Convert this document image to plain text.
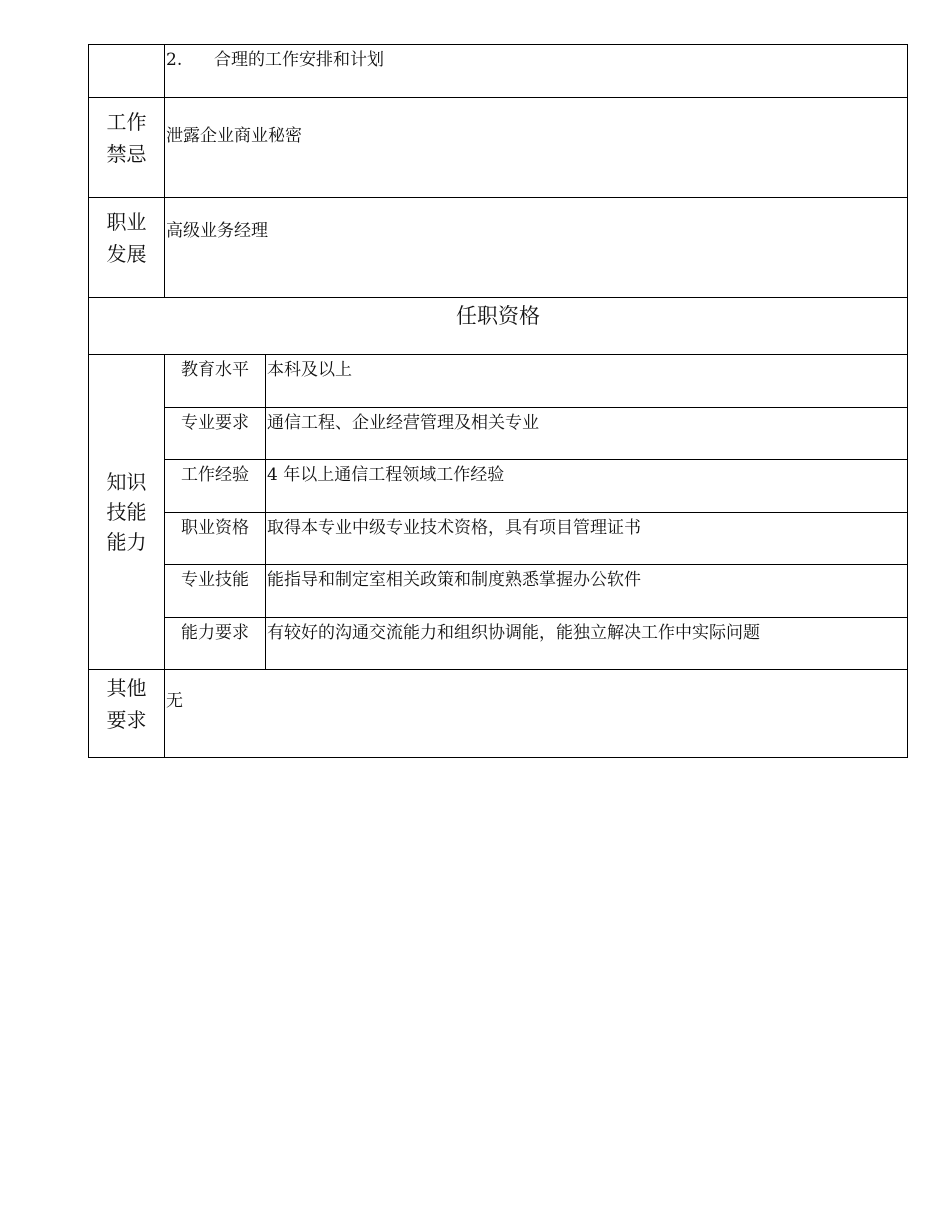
	2. 合理的工作安排和计划	

工作
禁忌	泄露企业商业秘密	

职业
发展	高级业务经理	
任职资格		

知识
技能
能力	教育水平	本科及以上
	专业要求	通信工程、企业经营管理及相关专业
	工作经验	4 年以上通信工程领域工作经验
	职业资格	取得本专业中级专业技术资格，具有项目管理证书
	专业技能	能指导和制定室相关政策和制度熟悉掌握办公软件
	能力要求	有较好的沟通交流能力和组织协调能，能独立解决工作中实际问题

其他
要求	无	
